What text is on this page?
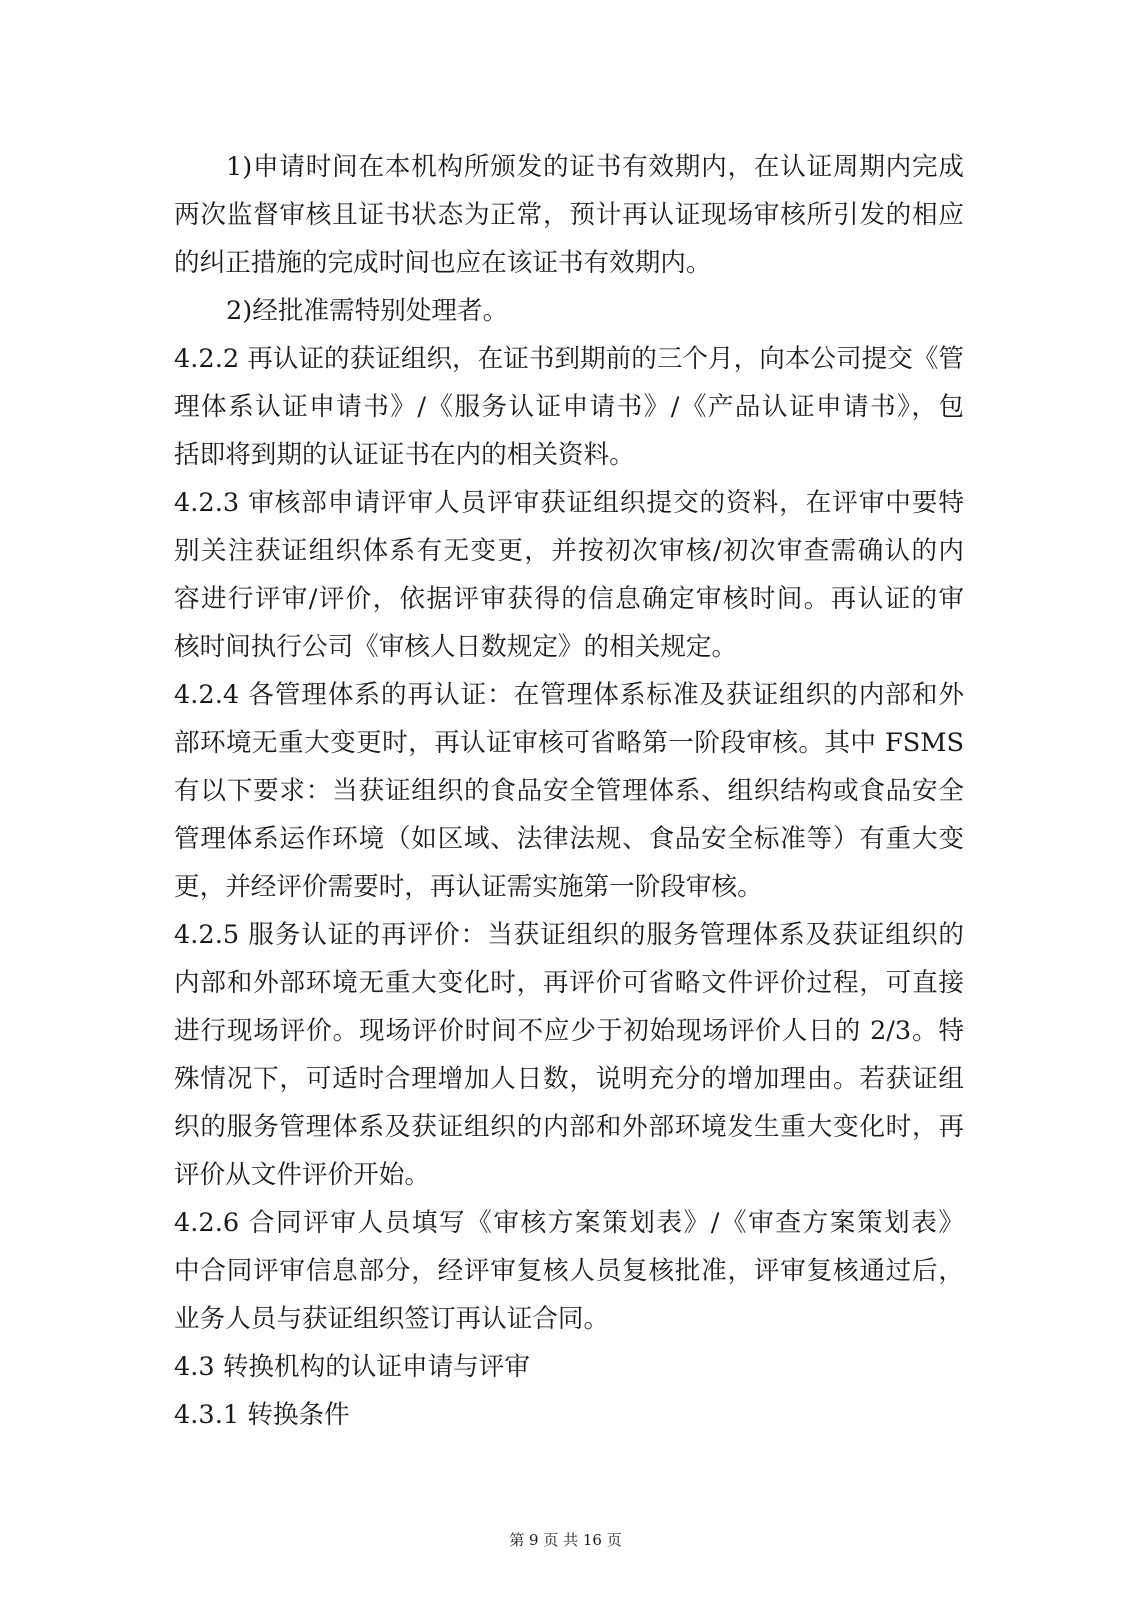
1)申请时间在本机构所颁发的证书有效期内，在认证周期内完成

两次监督审核且证书状态为正常，预计再认证现场审核所引发的相应

的纠正措施的完成时间也应在该证书有效期内。

2)经批准需特别处理者。

4.2.2 再认证的获证组织，在证书到期前的三个月，向本公司提交《管

理体系认证申请书》/《服务认证申请书》/《产品认证申请书》，包

括即将到期的认证证书在内的相关资料。

4.2.3 审核部申请评审人员评审获证组织提交的资料，在评审中要特

别关注获证组织体系有无变更，并按初次审核/初次审查需确认的内

容进行评审/评价，依据评审获得的信息确定审核时间。再认证的审

核时间执行公司《审核人日数规定》的相关规定。

4.2.4 各管理体系的再认证：在管理体系标准及获证组织的内部和外

部环境无重大变更时，再认证审核可省略第一阶段审核。其中 FSMS

有以下要求：当获证组织的食品安全管理体系、组织结构或食品安全

管理体系运作环境（如区域、法律法规、食品安全标准等）有重大变

更，并经评价需要时，再认证需实施第一阶段审核。

4.2.5 服务认证的再评价：当获证组织的服务管理体系及获证组织的

内部和外部环境无重大变化时，再评价可省略文件评价过程，可直接

进行现场评价。现场评价时间不应少于初始现场评价人日的 2/3。特

殊情况下，可适时合理增加人日数，说明充分的增加理由。若获证组

织的服务管理体系及获证组织的内部和外部环境发生重大变化时，再

评价从文件评价开始。

4.2.6 合同评审人员填写《审核方案策划表》/《审查方案策划表》

中合同评审信息部分，经评审复核人员复核批准，评审复核通过后，

业务人员与获证组织签订再认证合同。

4.3 转换机构的认证申请与评审

4.3.1 转换条件

第 9 页 共 16 页
